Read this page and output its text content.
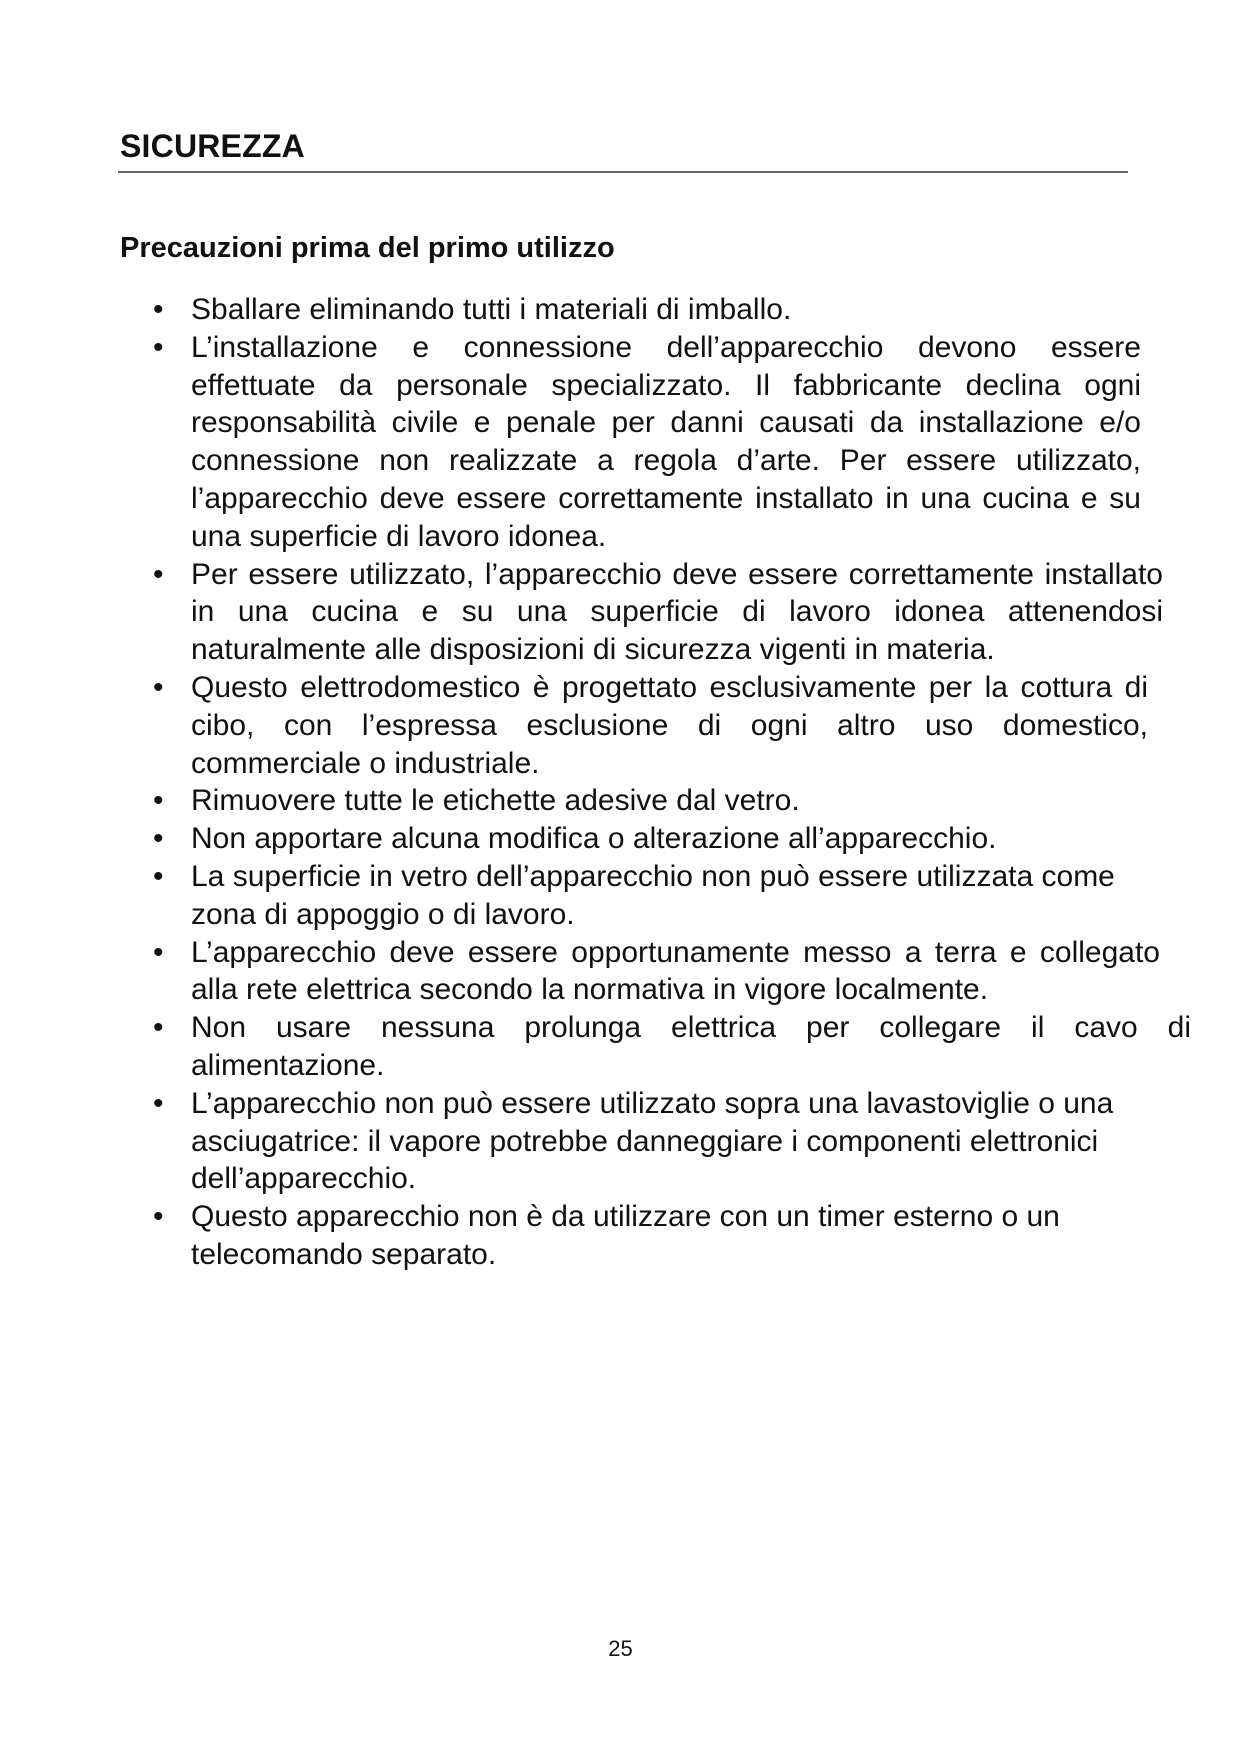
SICUREZZA
Precauzioni prima del primo utilizzo
• Sballare eliminando tutti i materiali di imballo.
• L’installazione e connessione dell’apparecchio devono essere effettuate da personale specializzato. Il fabbricante declina ogni responsabilità civile e penale per danni causati da installazione e/o connessione non realizzate a regola d’arte. Per essere utilizzato, l’apparecchio deve essere correttamente installato in una cucina e su una superficie di lavoro idonea.
• Per essere utilizzato, l’apparecchio deve essere correttamente installato in una cucina e su una superficie di lavoro idonea attenendosi naturalmente alle disposizioni di sicurezza vigenti in materia.
• Questo elettrodomestico è progettato esclusivamente per la cottura di cibo, con l’espressa esclusione di ogni altro uso domestico, commerciale o industriale.
• Rimuovere tutte le etichette adesive dal vetro.
• Non apportare alcuna modifica o alterazione all’apparecchio.
• La superficie in vetro dell’apparecchio non può essere utilizzata come zona di appoggio o di lavoro.
• L’apparecchio deve essere opportunamente messo a terra e collegato alla rete elettrica secondo la normativa in vigore localmente.
• Non usare nessuna prolunga elettrica per collegare il cavo di alimentazione.
• L’apparecchio non può essere utilizzato sopra una lavastoviglie o una asciugatrice: il vapore potrebbe danneggiare i componenti elettronici dell’apparecchio.
• Questo apparecchio non è da utilizzare con un timer esterno o un telecomando separato.

25
